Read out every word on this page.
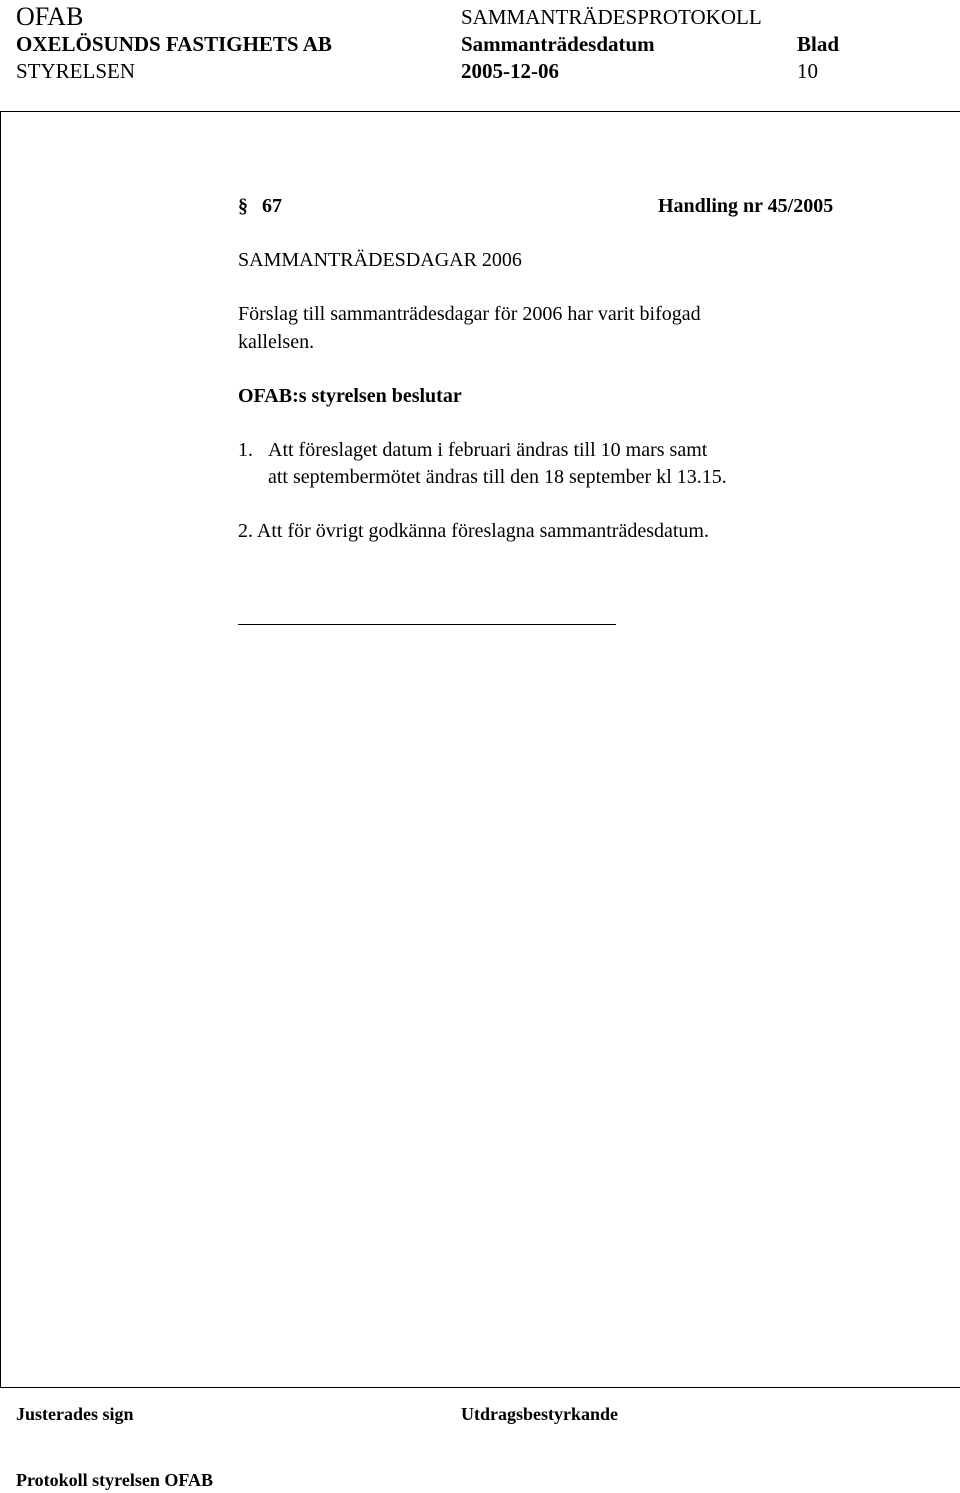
OFAB	SAMMANTRÄDESPROTOKOLL
OXELÖSUNDS FASTIGHETS AB	Sammanträdesdatum	Blad
STYRELSEN	2005-12-06	10
§ 67	Handling nr 45/2005
SAMMANTRÄDESDAGAR 2006
Förslag till sammanträdesdagar för 2006 har varit bifogad
kallelsen.
OFAB:s styrelsen beslutar
1. Att föreslaget datum i februari ändras till 10 mars samt
att septembermötet ändras till den 18 september kl 13.15.
2. Att för övrigt godkänna föreslagna sammanträdesdatum.
Justerades sign	Utdragsbestyrkande
Protokoll styrelsen OFAB
